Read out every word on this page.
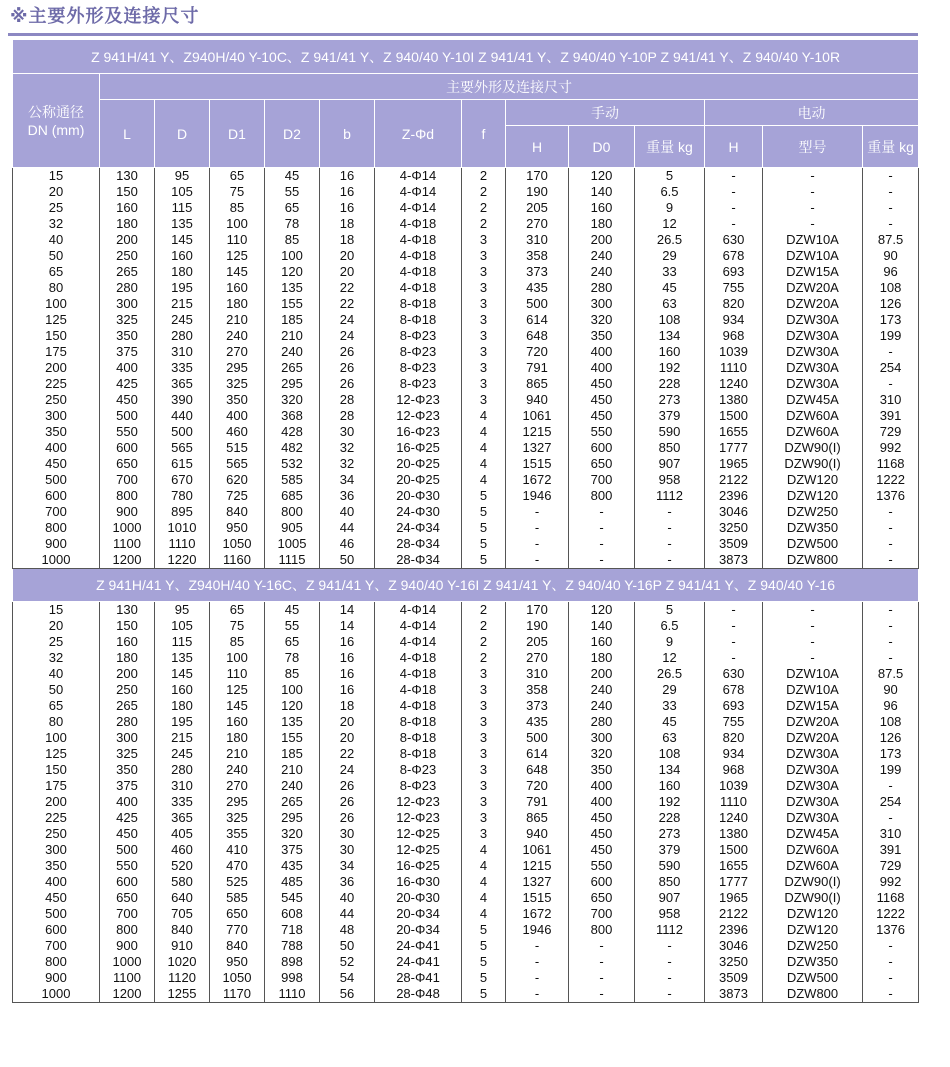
※主要外形及连接尺寸
Z 941H/41 Y、Z940H/40 Y-10C、Z 941/41 Y、Z 940/40 Y-10I Z 941/41 Y、Z 940/40 Y-10P Z 941/41 Y、Z 940/40 Y-10R													
公称通径
DN (mm)	主要外形及连接尺寸												
	L	D	D1	D2	b	Z-Φd	f	手动			电动		
								H	D0	重量 kg	H	型号	重量 kg
15	130	95	65	45	16	4-Φ14	2	170	120	5	-	-	-
20	150	105	75	55	16	4-Φ14	2	190	140	6.5	-	-	-
25	160	115	85	65	16	4-Φ14	2	205	160	9	-	-	-
32	180	135	100	78	18	4-Φ18	2	270	180	12	-	-	-
40	200	145	110	85	18	4-Φ18	3	310	200	26.5	630	DZW10A	87.5
50	250	160	125	100	20	4-Φ18	3	358	240	29	678	DZW10A	90
65	265	180	145	120	20	4-Φ18	3	373	240	33	693	DZW15A	96
80	280	195	160	135	22	4-Φ18	3	435	280	45	755	DZW20A	108
100	300	215	180	155	22	8-Φ18	3	500	300	63	820	DZW20A	126
125	325	245	210	185	24	8-Φ18	3	614	320	108	934	DZW30A	173
150	350	280	240	210	24	8-Φ23	3	648	350	134	968	DZW30A	199
175	375	310	270	240	26	8-Φ23	3	720	400	160	1039	DZW30A	-
200	400	335	295	265	26	8-Φ23	3	791	400	192	1110	DZW30A	254
225	425	365	325	295	26	8-Φ23	3	865	450	228	1240	DZW30A	-
250	450	390	350	320	28	12-Φ23	3	940	450	273	1380	DZW45A	310
300	500	440	400	368	28	12-Φ23	4	1061	450	379	1500	DZW60A	391
350	550	500	460	428	30	16-Φ23	4	1215	550	590	1655	DZW60A	729
400	600	565	515	482	32	16-Φ25	4	1327	600	850	1777	DZW90(I)	992
450	650	615	565	532	32	20-Φ25	4	1515	650	907	1965	DZW90(I)	1168
500	700	670	620	585	34	20-Φ25	4	1672	700	958	2122	DZW120	1222
600	800	780	725	685	36	20-Φ30	5	1946	800	1112	2396	DZW120	1376
700	900	895	840	800	40	24-Φ30	5	-	-	-	3046	DZW250	-
800	1000	1010	950	905	44	24-Φ34	5	-	-	-	3250	DZW350	-
900	1100	1110	1050	1005	46	28-Φ34	5	-	-	-	3509	DZW500	-
1000	1200	1220	1160	1115	50	28-Φ34	5	-	-	-	3873	DZW800	-
Z 941H/41 Y、Z940H/40 Y-16C、Z 941/41 Y、Z 940/40 Y-16I Z 941/41 Y、Z 940/40 Y-16P Z 941/41 Y、Z 940/40 Y-16													
15	130	95	65	45	14	4-Φ14	2	170	120	5	-	-	-
20	150	105	75	55	14	4-Φ14	2	190	140	6.5	-	-	-
25	160	115	85	65	16	4-Φ14	2	205	160	9	-	-	-
32	180	135	100	78	16	4-Φ18	2	270	180	12	-	-	-
40	200	145	110	85	16	4-Φ18	3	310	200	26.5	630	DZW10A	87.5
50	250	160	125	100	16	4-Φ18	3	358	240	29	678	DZW10A	90
65	265	180	145	120	18	4-Φ18	3	373	240	33	693	DZW15A	96
80	280	195	160	135	20	8-Φ18	3	435	280	45	755	DZW20A	108
100	300	215	180	155	20	8-Φ18	3	500	300	63	820	DZW20A	126
125	325	245	210	185	22	8-Φ18	3	614	320	108	934	DZW30A	173
150	350	280	240	210	24	8-Φ23	3	648	350	134	968	DZW30A	199
175	375	310	270	240	26	8-Φ23	3	720	400	160	1039	DZW30A	-
200	400	335	295	265	26	12-Φ23	3	791	400	192	1110	DZW30A	254
225	425	365	325	295	26	12-Φ23	3	865	450	228	1240	DZW30A	-
250	450	405	355	320	30	12-Φ25	3	940	450	273	1380	DZW45A	310
300	500	460	410	375	30	12-Φ25	4	1061	450	379	1500	DZW60A	391
350	550	520	470	435	34	16-Φ25	4	1215	550	590	1655	DZW60A	729
400	600	580	525	485	36	16-Φ30	4	1327	600	850	1777	DZW90(I)	992
450	650	640	585	545	40	20-Φ30	4	1515	650	907	1965	DZW90(I)	1168
500	700	705	650	608	44	20-Φ34	4	1672	700	958	2122	DZW120	1222
600	800	840	770	718	48	20-Φ34	5	1946	800	1112	2396	DZW120	1376
700	900	910	840	788	50	24-Φ41	5	-	-	-	3046	DZW250	-
800	1000	1020	950	898	52	24-Φ41	5	-	-	-	3250	DZW350	-
900	1100	1120	1050	998	54	28-Φ41	5	-	-	-	3509	DZW500	-
1000	1200	1255	1170	1110	56	28-Φ48	5	-	-	-	3873	DZW800	-
